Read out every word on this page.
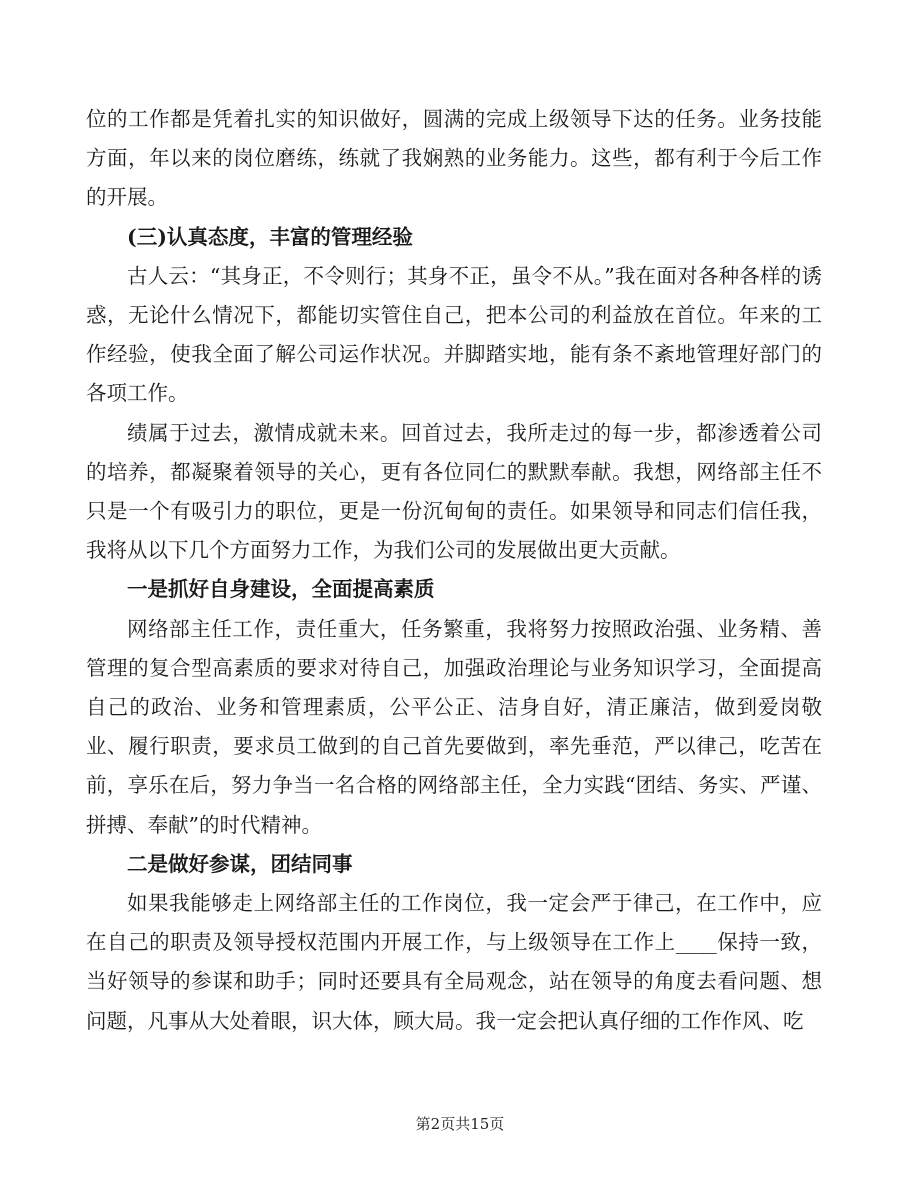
位的工作都是凭着扎实的知识做好，圆满的完成上级领导下达的任务。业务技能方面，年以来的岗位磨练，练就了我娴熟的业务能力。这些，都有利于今后工作的开展。

(三)认真态度，丰富的管理经验

古人云：“其身正，不令则行；其身不正，虽令不从。”我在面对各种各样的诱惑，无论什么情况下，都能切实管住自己，把本公司的利益放在首位。年来的工作经验，使我全面了解公司运作状况。并脚踏实地，能有条不紊地管理好部门的各项工作。

绩属于过去，激情成就未来。回首过去，我所走过的每一步，都渗透着公司的培养，都凝聚着领导的关心，更有各位同仁的默默奉献。我想，网络部主任不只是一个有吸引力的职位，更是一份沉甸甸的责任。如果领导和同志们信任我，我将从以下几个方面努力工作，为我们公司的发展做出更大贡献。

一是抓好自身建设，全面提高素质

网络部主任工作，责任重大，任务繁重，我将努力按照政治强、业务精、善管理的复合型高素质的要求对待自己，加强政治理论与业务知识学习，全面提高自己的政治、业务和管理素质，公平公正、洁身自好，清正廉洁，做到爱岗敬业、履行职责，要求员工做到的自己首先要做到，率先垂范，严以律己，吃苦在前，享乐在后，努力争当一名合格的网络部主任，全力实践“团结、务实、严谨、拼搏、奉献”的时代精神。

二是做好参谋，团结同事

如果我能够走上网络部主任的工作岗位，我一定会严于律己，在工作中，应在自己的职责及领导授权范围内开展工作，与上级领导在工作上____保持一致，当好领导的参谋和助手；同时还要具有全局观念，站在领导的角度去看问题、想问题，凡事从大处着眼，识大体，顾大局。我一定会把认真仔细的工作作风、吃

第2页共15页
